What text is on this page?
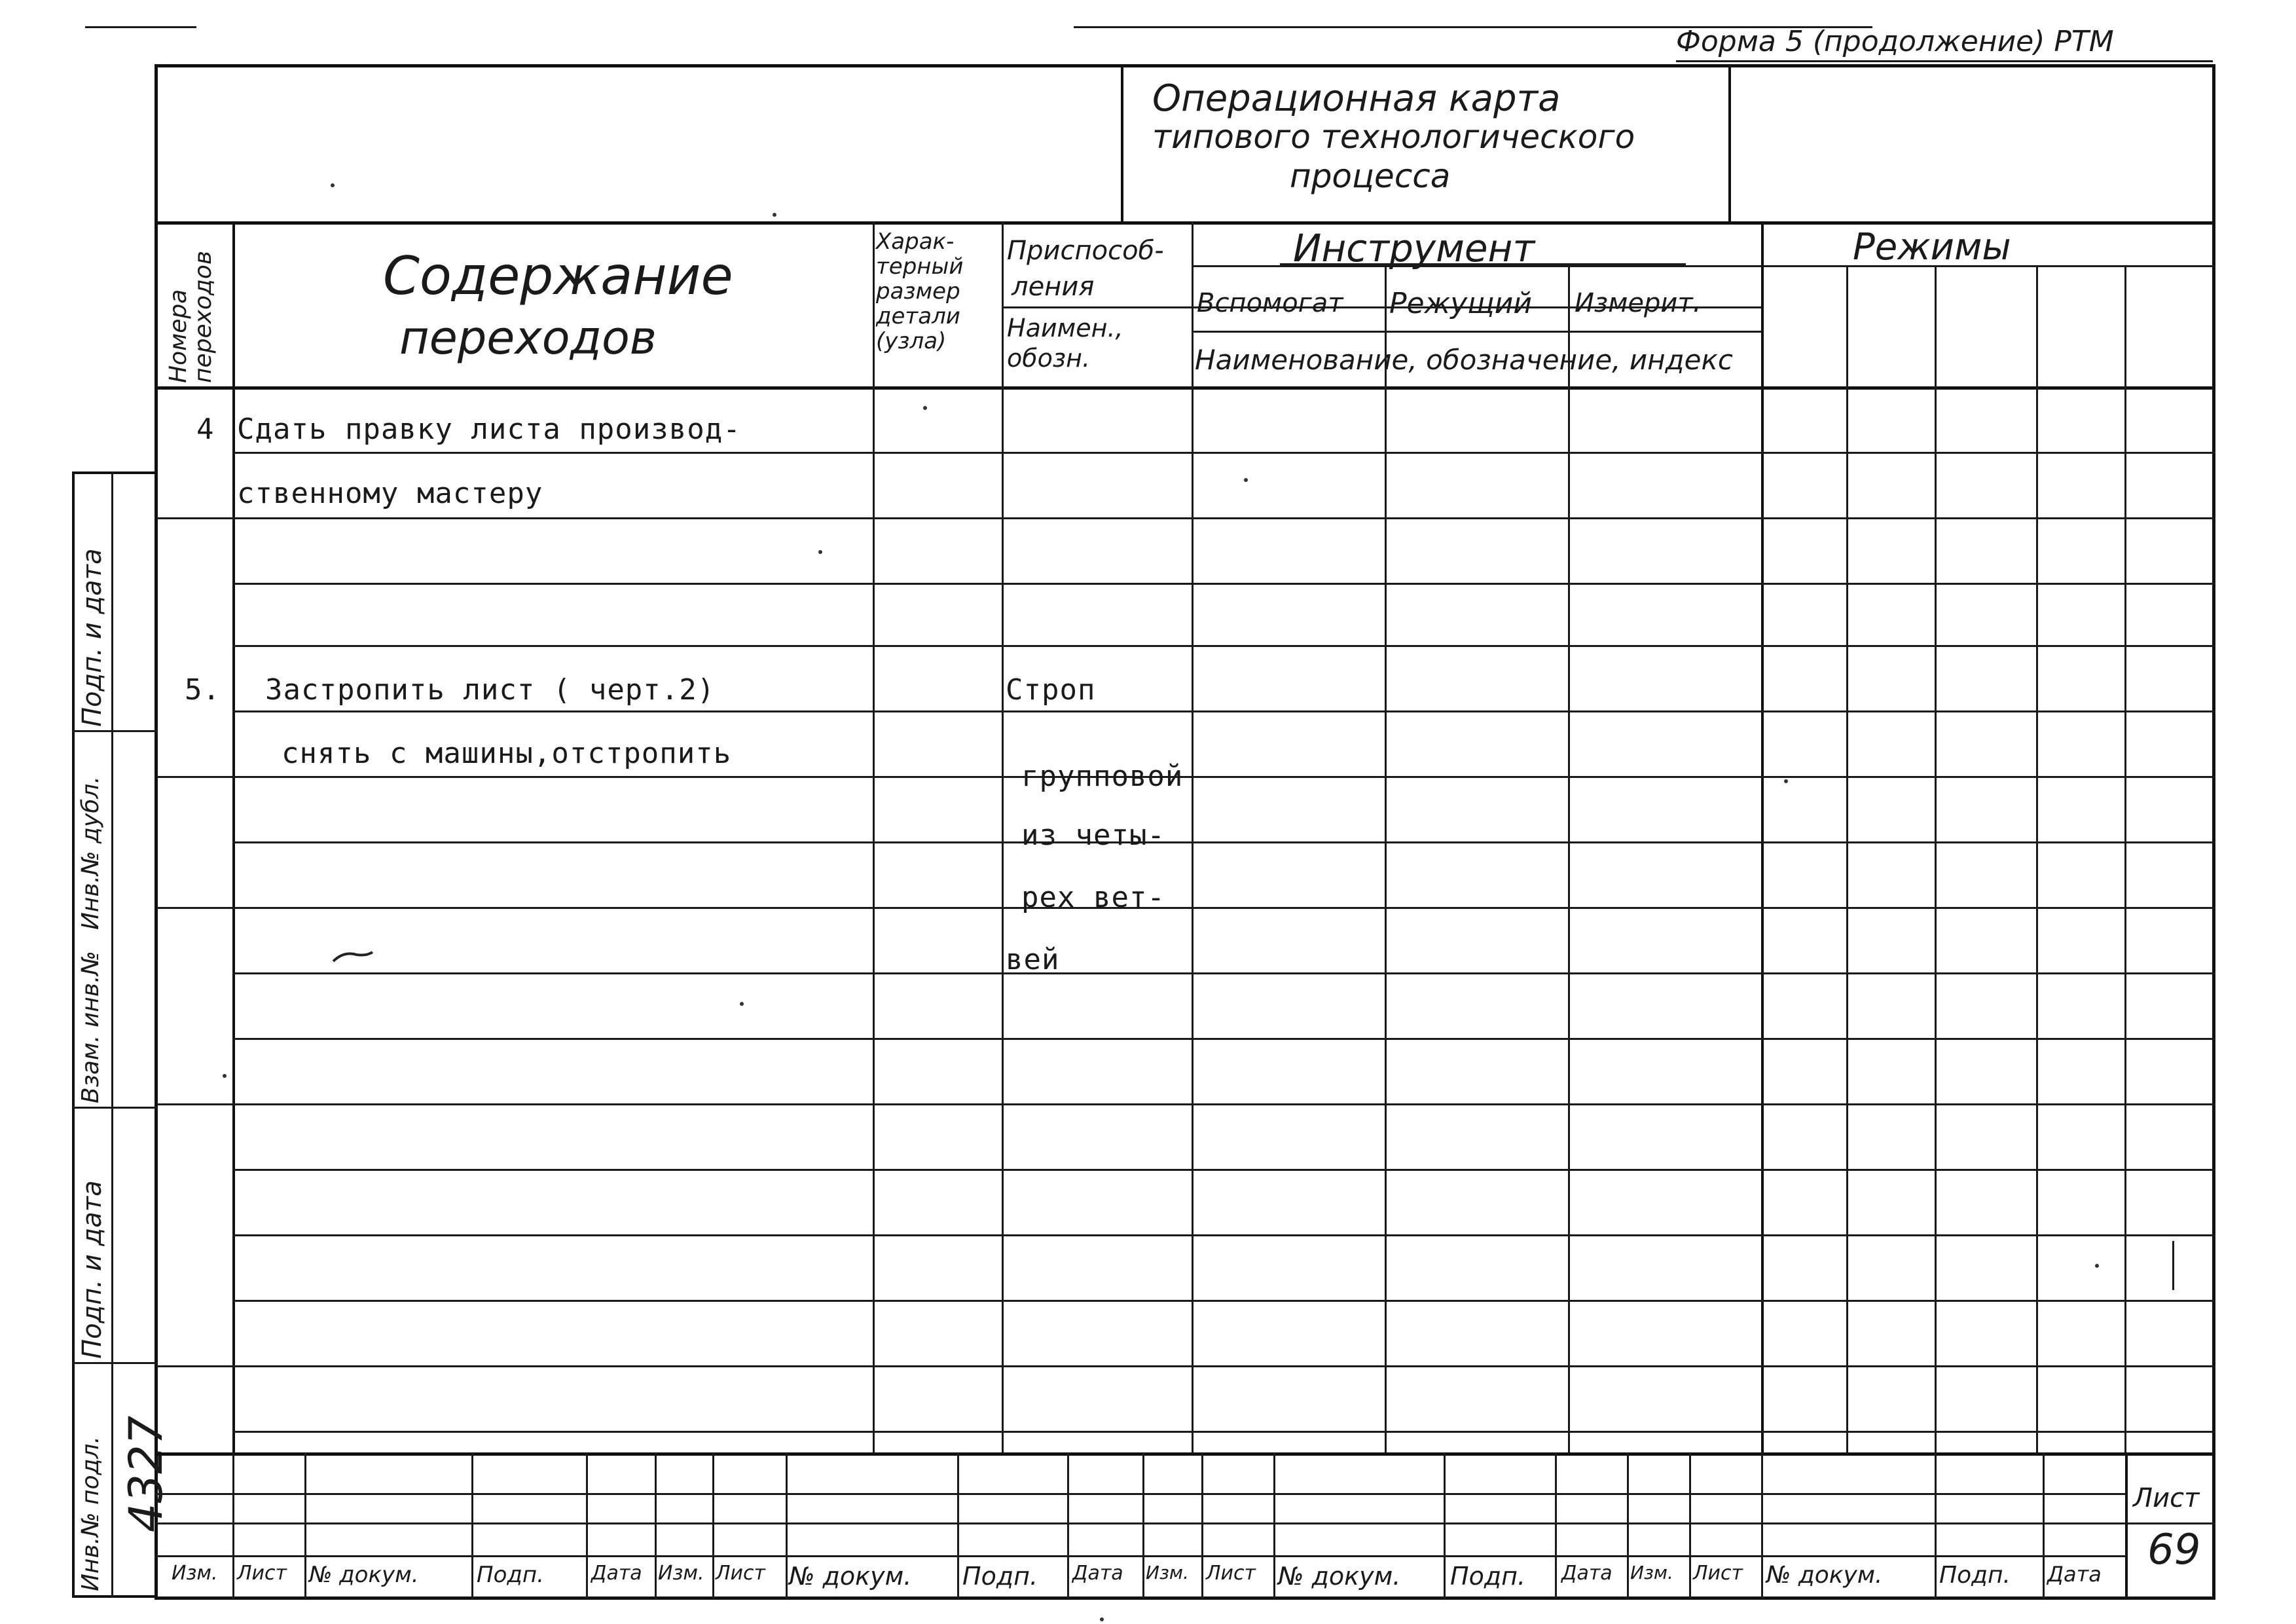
Форма 5 (продолжение) РТМ
Операционная карта
типового технологического
процесса
Номера переходов	Содержание
переходов
Харак-
терный
размер
детали
(узла)
Приспособ-
ления
Наимен.,
обозн.
Инструмент
Вспомогат Режущий Измерит.
Наименование, обозначение, индекс
Режимы
Подп. и дата
Инв.№ дубл.
Взам. инв.№
Подп. и дата
Инв.№ подл. 4327
4 Сдать правку листа производ-
ственному мастеру
5. Застропить лист ( черт.2)
снять с машины,отстропить
Строп
групповой
из четы-
рех вет-
вей
Изм. Лист № докум.	Подп. Дата Изм. Лист № докум. Подп. Дата Изм. Лист № докум. Подп. Дата Изм. Лист № докум. Подп. Дата
Лист
69
